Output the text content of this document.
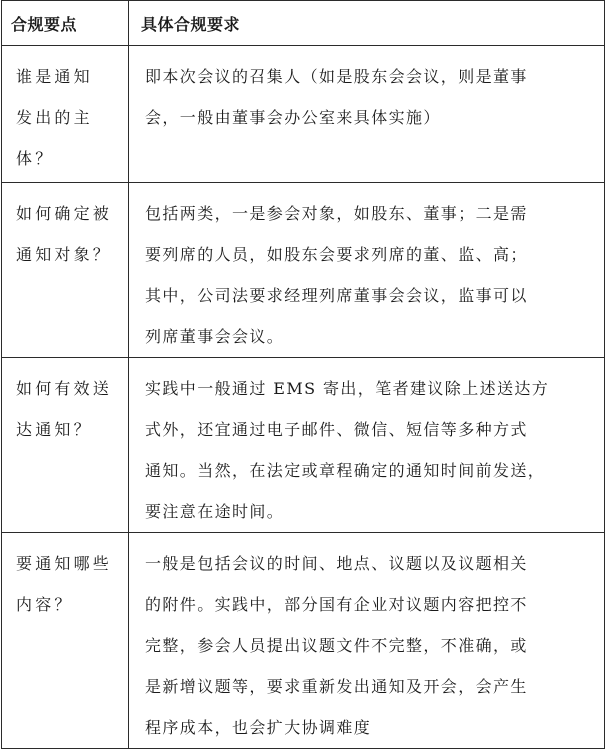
合规要点	具体合规要求

谁是通知
发出的主
体？	即本次会议的召集人（如是股东会会议，则是董事
会，一般由董事会办公室来具体实施）

如何确定被
通知对象？	包括两类，一是参会对象，如股东、董事；二是需
要列席的人员，如股东会要求列席的董、监、高；
其中，公司法要求经理列席董事会会议，监事可以
列席董事会会议。

如何有效送
达通知？	实践中一般通过 EMS 寄出，笔者建议除上述送达方
式外，还宜通过电子邮件、微信、短信等多种方式
通知。当然，在法定或章程确定的通知时间前发送，
要注意在途时间。

要通知哪些
内容？	一般是包括会议的时间、地点、议题以及议题相关
的附件。实践中，部分国有企业对议题内容把控不
完整，参会人员提出议题文件不完整，不准确，或
是新增议题等，要求重新发出通知及开会，会产生
程序成本，也会扩大协调难度
